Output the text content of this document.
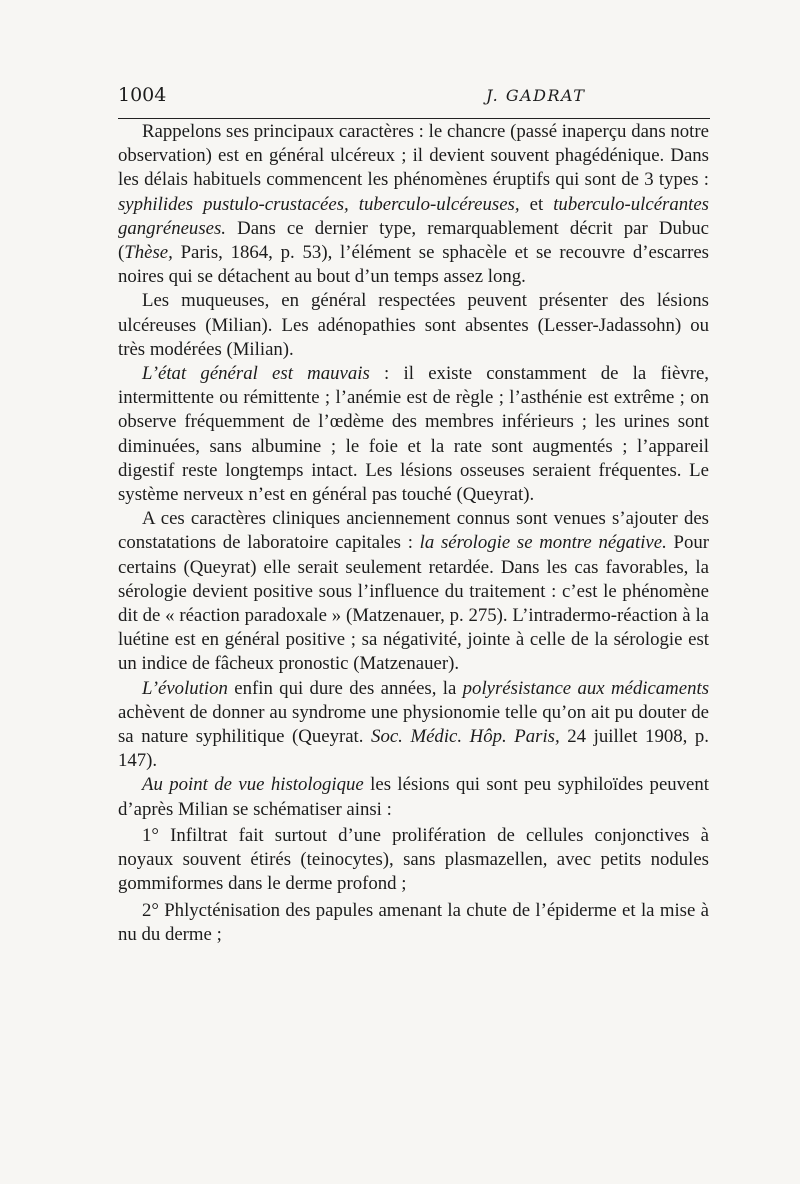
1004	J. GADRAT

Rappelons ses principaux caractères : le chancre (passé inaperçu dans notre observation) est en général ulcéreux ; il devient souvent phagédénique. Dans les délais habituels commencent les phénomènes éruptifs qui sont de 3 types : syphilides pustulo-crustacées, tuberculo-ulcéreuses, et tuberculo-ulcérantes gangréneuses. Dans ce dernier type, remarquablement décrit par Dubuc (Thèse, Paris, 1864, p. 53), l’élément se sphacèle et se recouvre d’escarres noires qui se détachent au bout d’un temps assez long.

Les muqueuses, en général respectées peuvent présenter des lésions ulcéreuses (Milian). Les adénopathies sont absentes (Lesser-Jadassohn) ou très modérées (Milian).

L’état général est mauvais : il existe constamment de la fièvre, intermittente ou rémittente ; l’anémie est de règle ; l’asthénie est extrême ; on observe fréquemment de l’œdème des membres inférieurs ; les urines sont diminuées, sans albumine ; le foie et la rate sont augmentés ; l’appareil digestif reste longtemps intact. Les lésions osseuses seraient fréquentes. Le système nerveux n’est en général pas touché (Queyrat).

A ces caractères cliniques anciennement connus sont venues s’ajouter des constatations de laboratoire capitales : la sérologie se montre négative. Pour certains (Queyrat) elle serait seulement retardée. Dans les cas favorables, la sérologie devient positive sous l’influence du traitement : c’est le phénomène dit de « réaction paradoxale » (Matzenauer, p. 275). L’intradermo-réaction à la luétine est en général positive ; sa négativité, jointe à celle de la sérologie est un indice de fâcheux pronostic (Matzenauer).

L’évolution enfin qui dure des années, la polyrésistance aux médicaments achèvent de donner au syndrome une physionomie telle qu’on ait pu douter de sa nature syphilitique (Queyrat. Soc. Médic. Hôp. Paris, 24 juillet 1908, p. 147).

Au point de vue histologique les lésions qui sont peu syphiloïdes peuvent d’après Milian se schématiser ainsi :

1° Infiltrat fait surtout d’une prolifération de cellules conjonctives à noyaux souvent étirés (teinocytes), sans plasmazellen, avec petits nodules gommiformes dans le derme profond ;

2° Phlycténisation des papules amenant la chute de l’épiderme et la mise à nu du derme ;
